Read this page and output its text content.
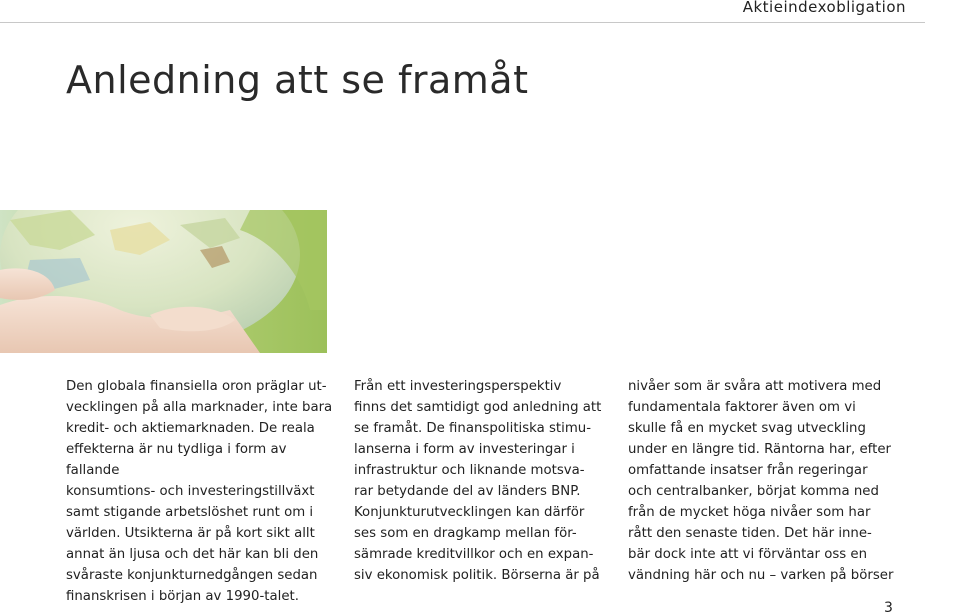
Aktieindexobligation
Anledning att se framåt

Den globala finansiella oron präglar ut-

vecklingen på alla marknader, inte bara

kredit- och aktiemarknaden. De reala

effekterna är nu tydliga i form av fallande

konsumtions- och investeringstillväxt

samt stigande arbetslöshet runt om i

världen. Utsikterna är på kort sikt allt

annat än ljusa och det här kan bli den

svåraste konjunkturnedgången sedan

finanskrisen i början av 1990-talet.

Från ett investeringsperspektiv

finns det samtidigt god anledning att

se framåt. De finanspolitiska stimu-

lanserna i form av investeringar i

infrastruktur och liknande motsva-

rar betydande del av länders BNP.

Konjunkturutvecklingen kan därför

ses som en dragkamp mellan för-

sämrade kreditvillkor och en expan-

siv ekonomisk politik. Börserna är på

nivåer som är svåra att motivera med

fundamentala faktorer även om vi

skulle få en mycket svag utveckling

under en längre tid. Räntorna har, efter

omfattande insatser från regeringar

och centralbanker, börjat komma ned

från de mycket höga nivåer som har

rått den senaste tiden. Det här inne-

bär dock inte att vi förväntar oss en

vändning här och nu – varken på börser

3
